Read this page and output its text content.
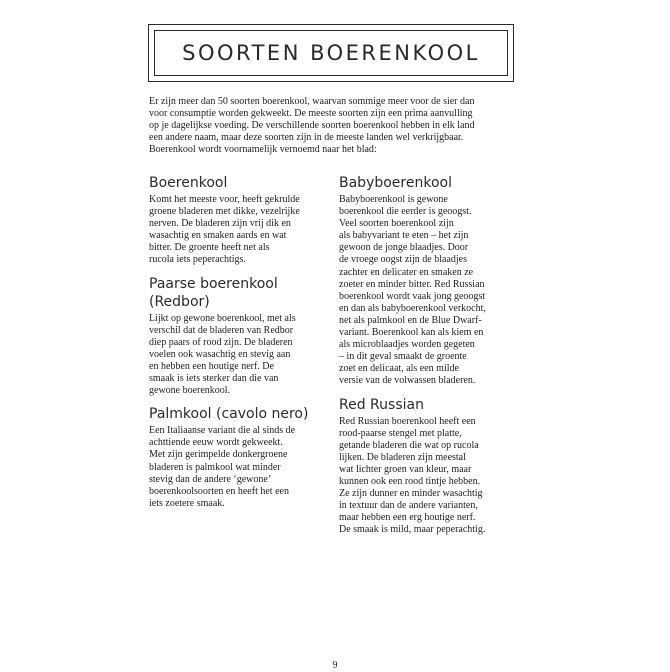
SOORTEN BOERENKOOL

Er zijn meer dan 50 soorten boerenkool, waarvan sommige meer voor de sier dan
voor consumptie worden gekweekt. De meeste soorten zijn een prima aanvulling
op je dagelijkse voeding. De verschillende soorten boerenkool hebben in elk land
een andere naam, maar deze soorten zijn in de meeste landen wel verkrijgbaar.
Boerenkool wordt voornamelijk vernoemd naar het blad:

Boerenkool

Komt het meeste voor, heeft gekrulde
groene bladeren met dikke, vezelrijke
nerven. De bladeren zijn vrij dik en
wasachtig en smaken aards en wat
bitter. De groente heeft net als
rucola iets peperachtigs.

Paarse boerenkool
(Redbor)

Lijkt op gewone boerenkool, met als
verschil dat de bladeren van Redbor
diep paars of rood zijn. De bladeren
voelen ook wasachtig en stevig aan
en hebben een houtige nerf. De
smaak is iets sterker dan die van
gewone boerenkool.

Palmkool (cavolo nero)

Een Italiaanse variant die al sinds de
achttiende eeuw wordt gekweekt.
Met zijn gerimpelde donkergroene
bladeren is palmkool wat minder
stevig dan de andere ‘gewone’
boerenkoolsoorten en heeft het een
iets zoetere smaak.

Babyboerenkool

Babyboerenkool is gewone
boerenkool die eerder is geoogst.
Veel soorten boerenkool zijn
als babyvariant te eten – het zijn
gewoon de jonge blaadjes. Door
de vroege oogst zijn de blaadjes
zachter en delicater en smaken ze
zoeter en minder bitter. Red Russian
boerenkool wordt vaak jong geoogst
en dan als babyboerenkool verkocht,
net als palmkool en de Blue Dwarf-
variant. Boerenkool kan als kiem en
als microblaadjes worden gegeten
– in dit geval smaakt de groente
zoet en delicaat, als een milde
versie van de volwassen bladeren.

Red Russian

Red Russian boerenkool heeft een
rood-paarse stengel met platte,
getande bladeren die wat op rucola
lijken. De bladeren zijn meestal
wat lichter groen van kleur, maar
kunnen ook een rood tintje hebben.
Ze zijn dunner en minder wasachtig
in textuur dan de andere varianten,
maar hebben een erg houtige nerf.
De smaak is mild, maar peperachtig.

9
